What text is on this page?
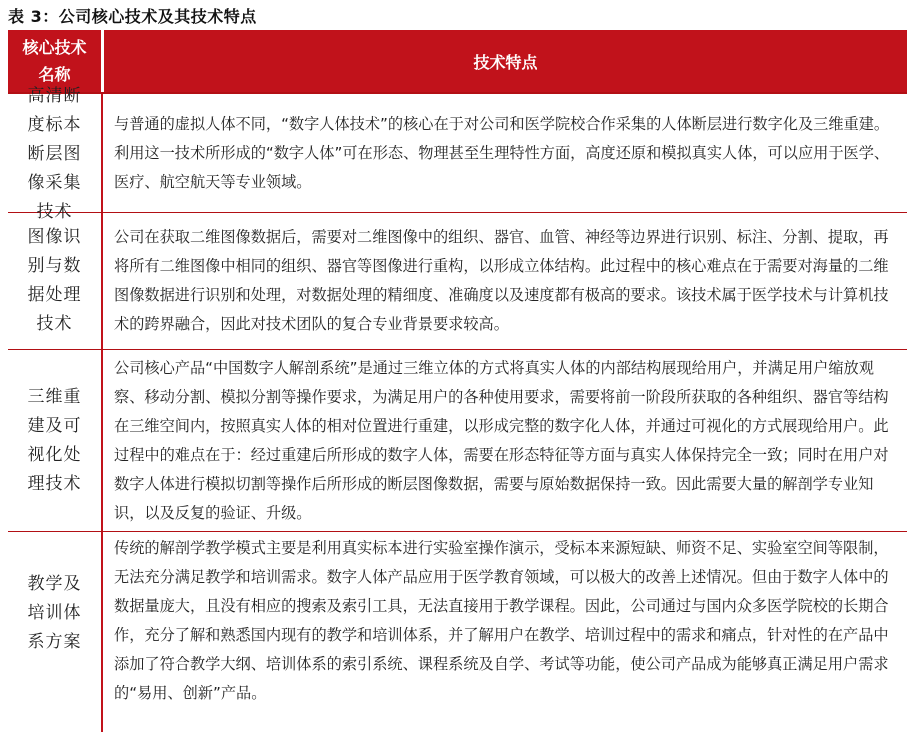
表 3：公司核心技术及其技术特点
核心技术
名称
技术特点
高清断度标本断层图像采集技术
与普通的虚拟人体不同，“数字人体技术”的核心在于对公司和医学院校合作采集的人体断层进行数字化及三维重建。利用这一技术所形成的“数字人体”可在形态、物理甚至生理特性方面，高度还原和模拟真实人体，可以应用于医学、医疗、航空航天等专业领域。
图像识别与数据处理技术
公司在获取二维图像数据后，需要对二维图像中的组织、器官、血管、神经等边界进行识别、标注、分割、提取，再将所有二维图像中相同的组织、器官等图像进行重构，以形成立体结构。此过程中的核心难点在于需要对海量的二维图像数据进行识别和处理，对数据处理的精细度、准确度以及速度都有极高的要求。该技术属于医学技术与计算机技术的跨界融合，因此对技术团队的复合专业背景要求较高。
三维重建及可视化处理技术
公司核心产品“中国数字人解剖系统”是通过三维立体的方式将真实人体的内部结构展现给用户，并满足用户缩放观察、移动分割、模拟分割等操作要求，为满足用户的各种使用要求，需要将前一阶段所获取的各种组织、器官等结构在三维空间内，按照真实人体的相对位置进行重建，以形成完整的数字化人体，并通过可视化的方式展现给用户。此过程中的难点在于：经过重建后所形成的数字人体，需要在形态特征等方面与真实人体保持完全一致；同时在用户对数字人体进行模拟切割等操作后所形成的断层图像数据，需要与原始数据保持一致。因此需要大量的解剖学专业知识，以及反复的验证、升级。
教学及培训体系方案
传统的解剖学教学模式主要是利用真实标本进行实验室操作演示，受标本来源短缺、师资不足、实验室空间等限制，无法充分满足教学和培训需求。数字人体产品应用于医学教育领域，可以极大的改善上述情况。但由于数字人体中的数据量庞大，且没有相应的搜索及索引工具，无法直接用于教学课程。因此，公司通过与国内众多医学院校的长期合作，充分了解和熟悉国内现有的教学和培训体系，并了解用户在教学、培训过程中的需求和痛点，针对性的在产品中添加了符合教学大纲、培训体系的索引系统、课程系统及自学、考试等功能，使公司产品成为能够真正满足用户需求的“易用、创新”产品。
